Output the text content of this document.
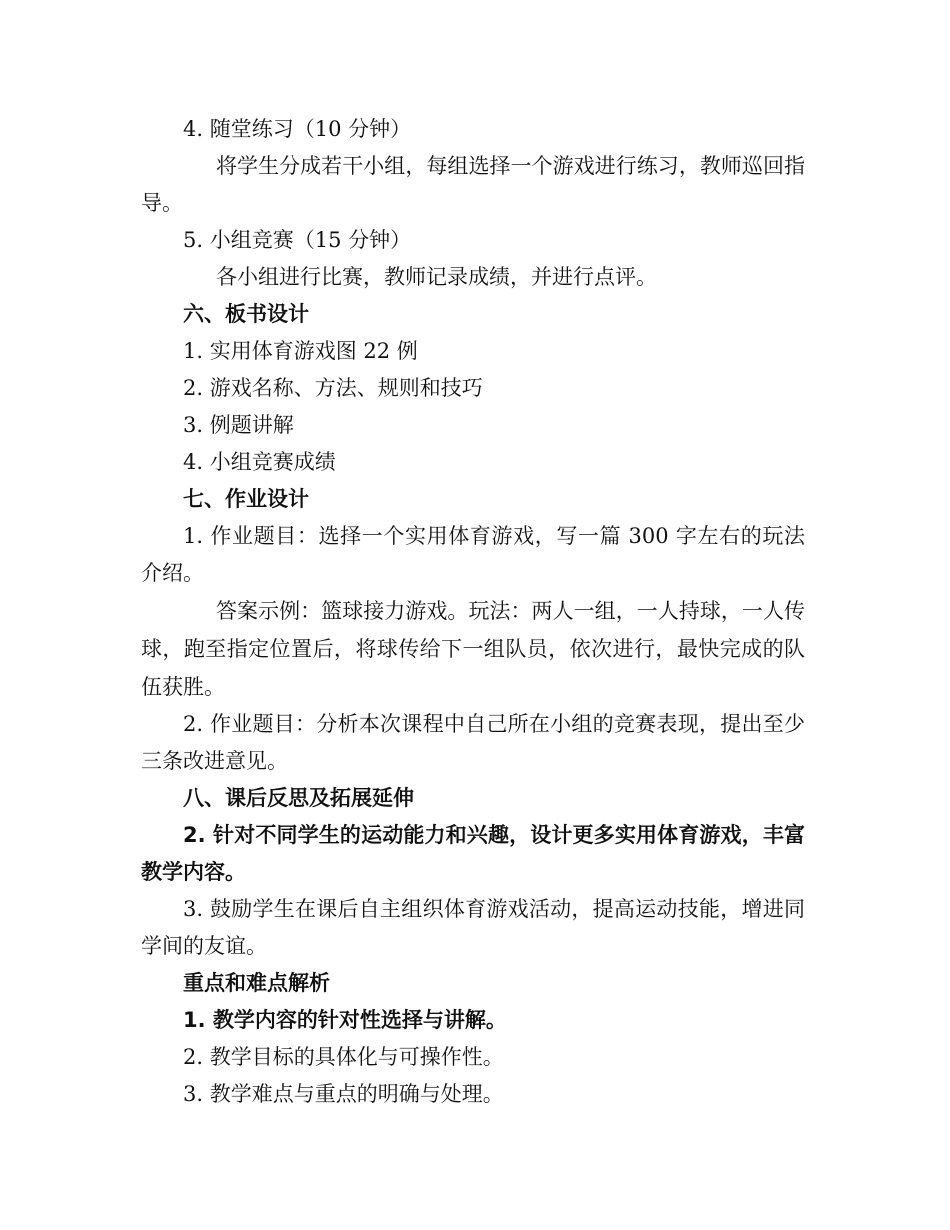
4. 随堂练习（10 分钟）

将学生分成若干小组，每组选择一个游戏进行练习，教师巡回指导。

5. 小组竞赛（15 分钟）

各小组进行比赛，教师记录成绩，并进行点评。

六、板书设计

1. 实用体育游戏图 22 例

2. 游戏名称、方法、规则和技巧

3. 例题讲解

4. 小组竞赛成绩

七、作业设计

1. 作业题目：选择一个实用体育游戏，写一篇 300 字左右的玩法介绍。

答案示例：篮球接力游戏。玩法：两人一组，一人持球，一人传球，跑至指定位置后，将球传给下一组队员，依次进行，最快完成的队伍获胜。

2. 作业题目：分析本次课程中自己所在小组的竞赛表现，提出至少三条改进意见。

八、课后反思及拓展延伸

2. 针对不同学生的运动能力和兴趣，设计更多实用体育游戏，丰富教学内容。

3. 鼓励学生在课后自主组织体育游戏活动，提高运动技能，增进同学间的友谊。

重点和难点解析

1. 教学内容的针对性选择与讲解。

2. 教学目标的具体化与可操作性。

3. 教学难点与重点的明确与处理。
